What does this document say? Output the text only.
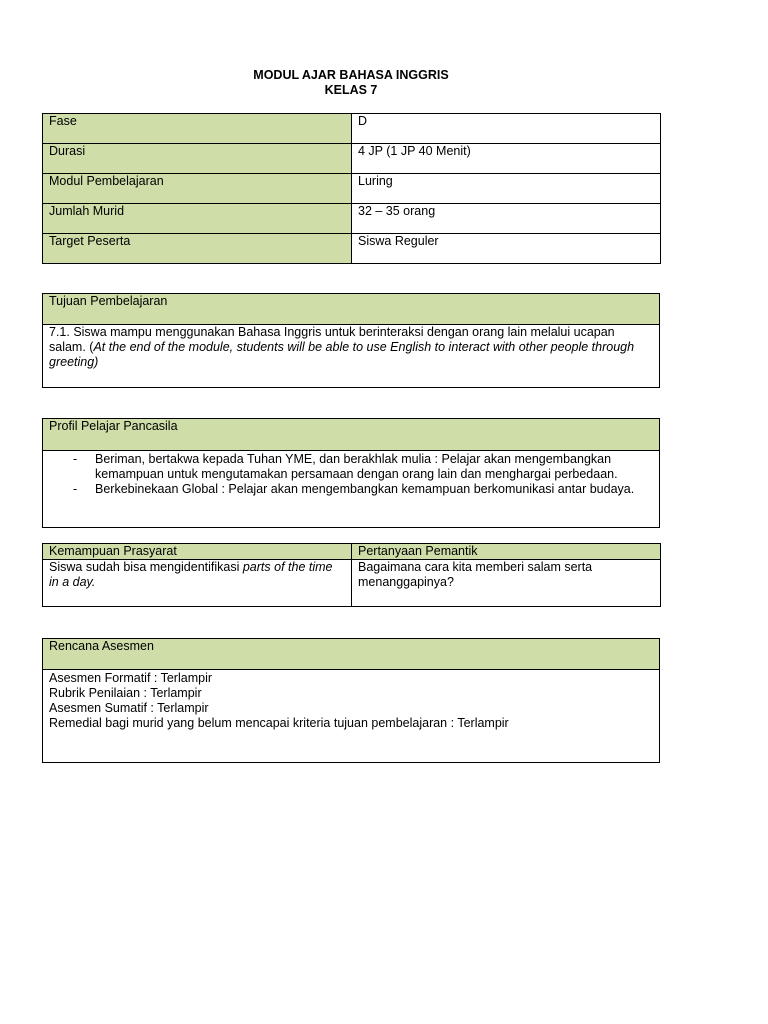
MODUL AJAR BAHASA INGGRIS
KELAS 7
Fase	D
Durasi	4 JP (1 JP 40 Menit)
Modul Pembelajaran	Luring
Jumlah Murid	32 – 35 orang
Target Peserta	Siswa Reguler
Tujuan Pembelajaran
7.1. Siswa mampu menggunakan Bahasa Inggris untuk berinteraksi dengan orang lain melalui ucapan salam. (At the end of the module, students will be able to use English to interact with other people through greeting)
Profil Pelajar Pancasila

-	Beriman, bertakwa kepada Tuhan YME, dan berakhlak mulia : Pelajar akan mengembangkan kemampuan untuk mengutamakan persamaan dengan orang lain dan menghargai perbedaan.
-	Berkebinekaan Global : Pelajar akan mengembangkan kemampuan berkomunikasi antar budaya.
Kemampuan Prasyarat	Pertanyaan Pemantik
Siswa sudah bisa mengidentifikasi parts of the time in a day.	Bagaimana cara kita memberi salam serta menanggapinya?
Rencana Asesmen

Asesmen Formatif : Terlampir
Rubrik Penilaian : Terlampir
Asesmen Sumatif : Terlampir
Remedial bagi murid yang belum mencapai kriteria tujuan pembelajaran : Terlampir
